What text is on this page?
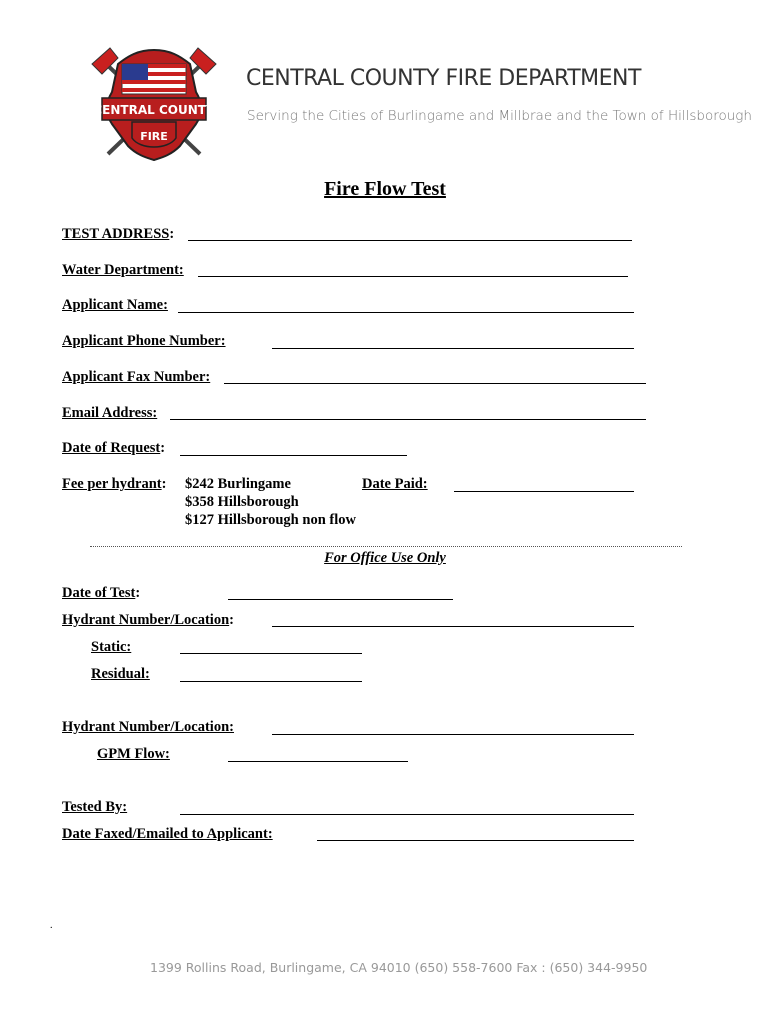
CENTRAL COUNTY
FIRE
CENTRAL COUNTY FIRE DEPARTMENT
Serving the Cities of Burlingame and Millbrae and the Town of Hillsborough
Fire Flow Test
TEST ADDRESS:
Water Department:
Applicant Name:
Applicant Phone Number:
Applicant Fax Number:
Email Address:
Date of Request:
Fee per hydrant: $242 Burlingame
$358 Hillsborough
$127 Hillsborough non flow
Date Paid:
For Office Use Only
Date of Test:
Hydrant Number/Location:
Static:
Residual:
Hydrant Number/Location:
GPM Flow:
Tested By:
Date Faxed/Emailed to Applicant:
.
1399 Rollins Road, Burlingame, CA 94010 (650) 558-7600 Fax : (650) 344-9950
